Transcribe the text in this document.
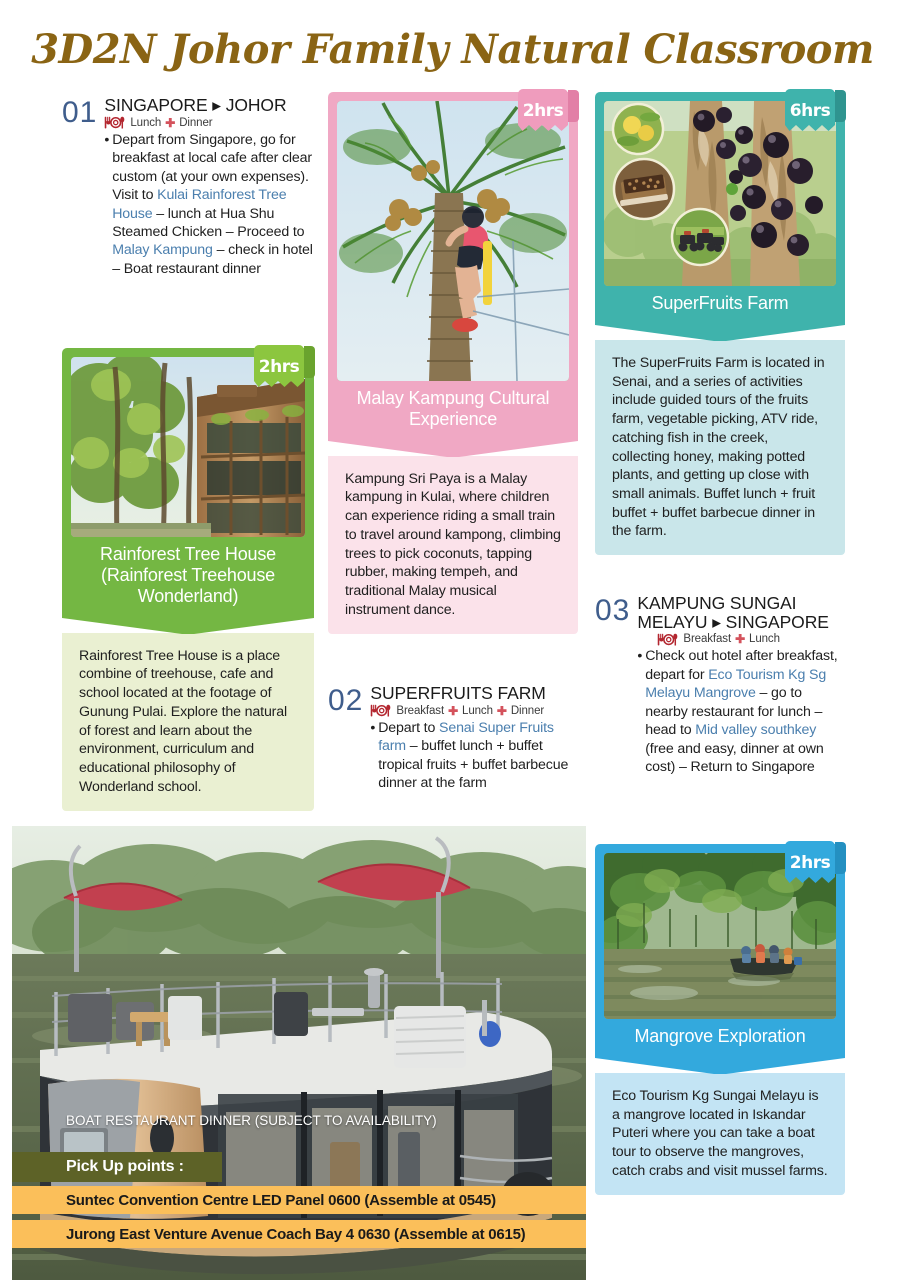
3D2N Johor Family Natural Classroom
01 SINGAPORE ▸ JOHOR
Lunch ✚ Dinner
• Depart from Singapore, go for breakfast at local cafe after clear custom (at your own expenses). Visit to Kulai Rainforest Tree House – lunch at Hua Shu Steamed Chicken – Proceed to Malay Kampung – check in hotel – Boat restaurant dinner
2hrs
Rainforest Tree House (Rainforest Treehouse Wonderland)
Rainforest Tree House is a place combine of treehouse, cafe and school located at the footage of Gunung Pulai. Explore the natural of forest and learn about the environment, curriculum and educational philosophy of Wonderland school.
2hrs
Malay Kampung Cultural Experience
Kampung Sri Paya is a Malay kampung in Kulai, where children can experience riding a small train to travel around kampong, climbing trees to pick coconuts, tapping rubber, making tempeh, and traditional Malay musical instrument dance.
02 SUPERFRUITS FARM
Breakfast ✚ Lunch ✚ Dinner
• Depart to Senai Super Fruits farm – buffet lunch + buffet tropical fruits + buffet barbecue dinner at the farm
6hrs
SuperFruits Farm
The SuperFruits Farm is located in Senai, and a series of activities include guided tours of the fruits farm, vegetable picking, ATV ride, catching fish in the creek, collecting honey, making potted plants, and getting up close with small animals. Buffet lunch + fruit buffet + buffet barbecue dinner in the farm.
03 KAMPUNG SUNGAI MELAYU ▸ SINGAPORE
Breakfast ✚ Lunch
• Check out hotel after breakfast, depart for Eco Tourism Kg Sg Melayu Mangrove – go to nearby restaurant for lunch – head to Mid valley southkey (free and easy, dinner at own cost) – Return to Singapore
2hrs
Mangrove Exploration
Eco Tourism Kg Sungai Melayu is a mangrove located in Iskandar Puteri where you can take a boat tour to observe the mangroves, catch crabs and visit mussel farms.
BOAT RESTAURANT DINNER (SUBJECT TO AVAILABILITY)
Pick Up points :
Suntec Convention Centre LED Panel 0600 (Assemble at 0545)
Jurong East Venture Avenue Coach Bay 4 0630 (Assemble at 0615)
